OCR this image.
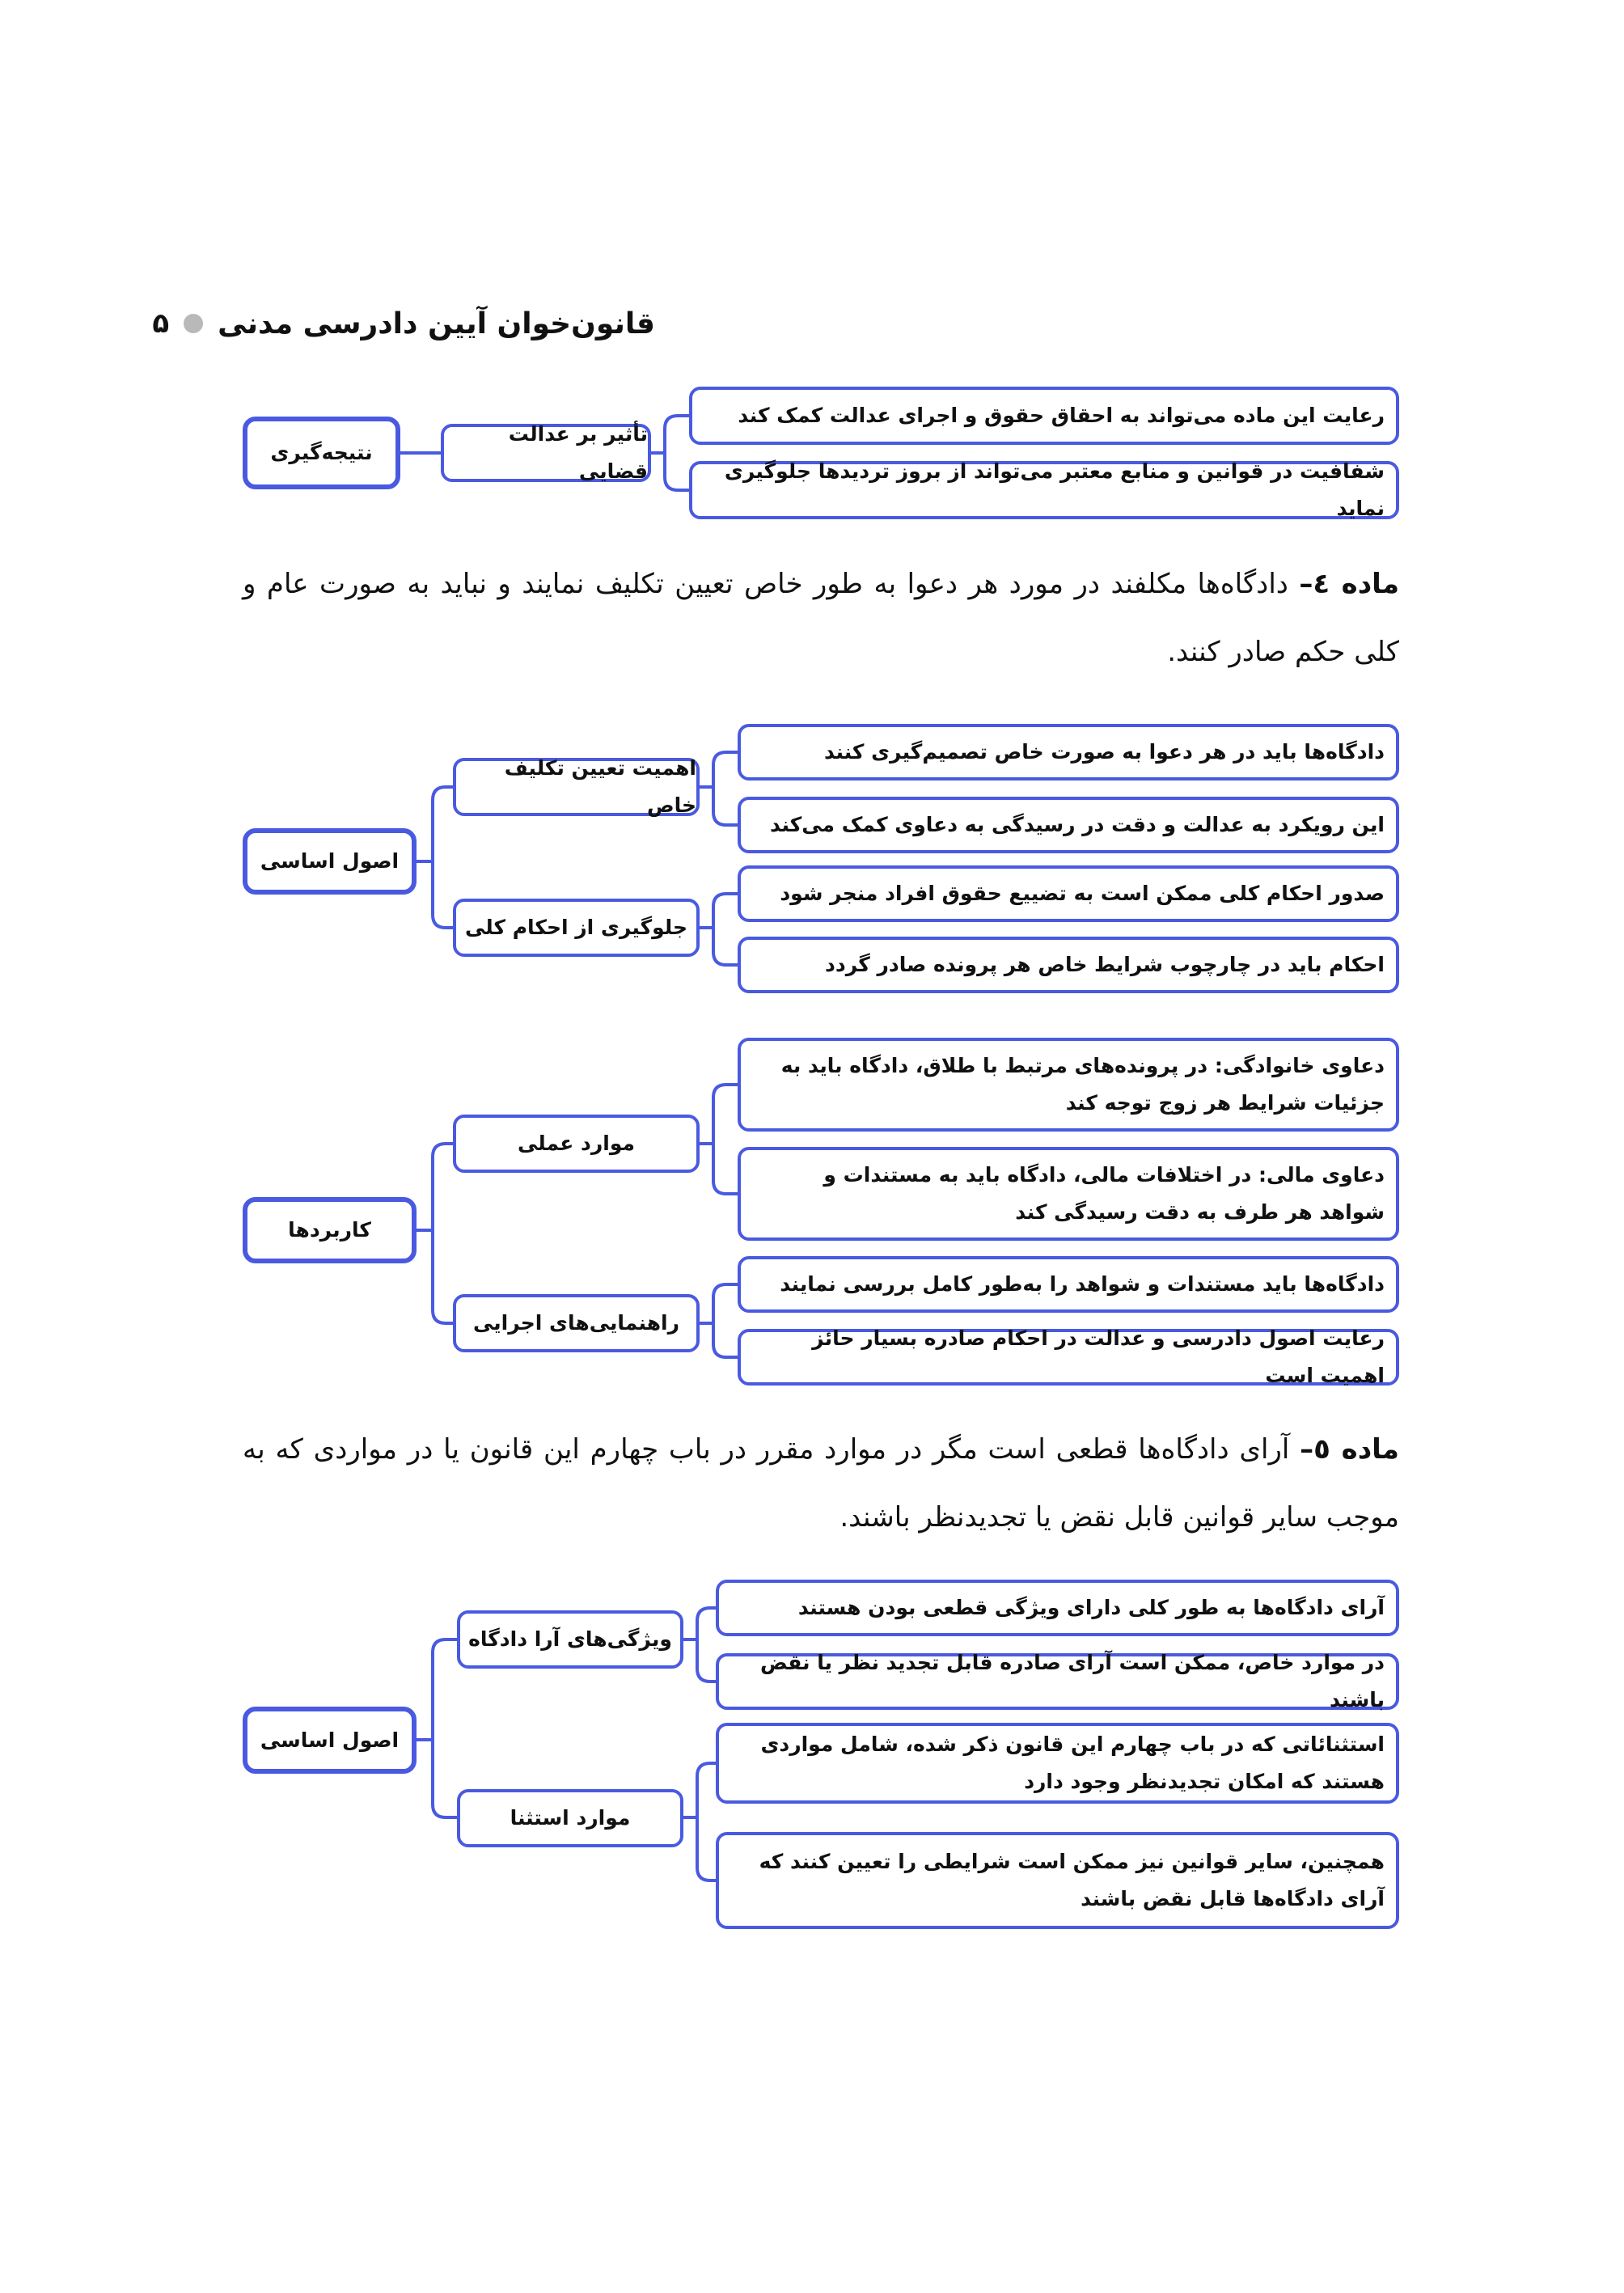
قانون‌خوان آیین دادرسی مدنی
۵
نتیجه‌گیری
تأثیر بر عدالت قضایی
رعایت این ماده می‌تواند به احقاق حقوق و اجرای عدالت کمک کند
شفافیت در قوانین و منابع معتبر می‌تواند از بروز تردیدها جلوگیری نماید

ماده ٤– دادگاه‌ها مکلفند در مورد هر دعوا به طور خاص تعیین تکلیف نمایند و نباید به صورت عام و کلی حکم صادر کنند.

اصول اساسی
اهمیت تعیین تکلیف خاص
جلوگیری از احکام کلی
دادگاه‌ها باید در هر دعوا به صورت خاص تصمیم‌گیری کنند
این رویکرد به عدالت و دقت در رسیدگی به دعاوی کمک می‌کند
صدور احکام کلی ممکن است به تضییع حقوق افراد منجر شود
احکام باید در چارچوب شرایط خاص هر پرونده صادر گردد
کاربردها
موارد عملی
راهنمایی‌های اجرایی
دعاوی خانوادگی: در پرونده‌های مرتبط با طلاق، دادگاه باید به جزئیات شرایط هر زوج توجه کند
دعاوی مالی: در اختلافات مالی، دادگاه باید به مستندات و شواهد هر طرف به دقت رسیدگی کند
دادگاه‌ها باید مستندات و شواهد را به‌طور کامل بررسی نمایند
رعایت اصول دادرسی و عدالت در احکام صادره بسیار حائز اهمیت است

ماده ٥– آرای دادگاه‌ها قطعی است مگر در موارد مقرر در باب چهارم این قانون یا در مواردی که به موجب سایر قوانین قابل نقض یا تجدیدنظر باشند.

اصول اساسی
ویژگی‌های آرا دادگاه
موارد استثنا
آرای دادگاه‌ها به طور کلی دارای ویژگی قطعی بودن هستند
در موارد خاص، ممکن است آرای صادره قابل تجدید نظر یا نقض باشند
استثنائاتی که در باب چهارم این قانون ذکر شده، شامل مواردی هستند که امکان تجدیدنظر وجود دارد
همچنین، سایر قوانین نیز ممکن است شرایطی را تعیین کنند که آرای دادگاه‌ها قابل نقض باشند
